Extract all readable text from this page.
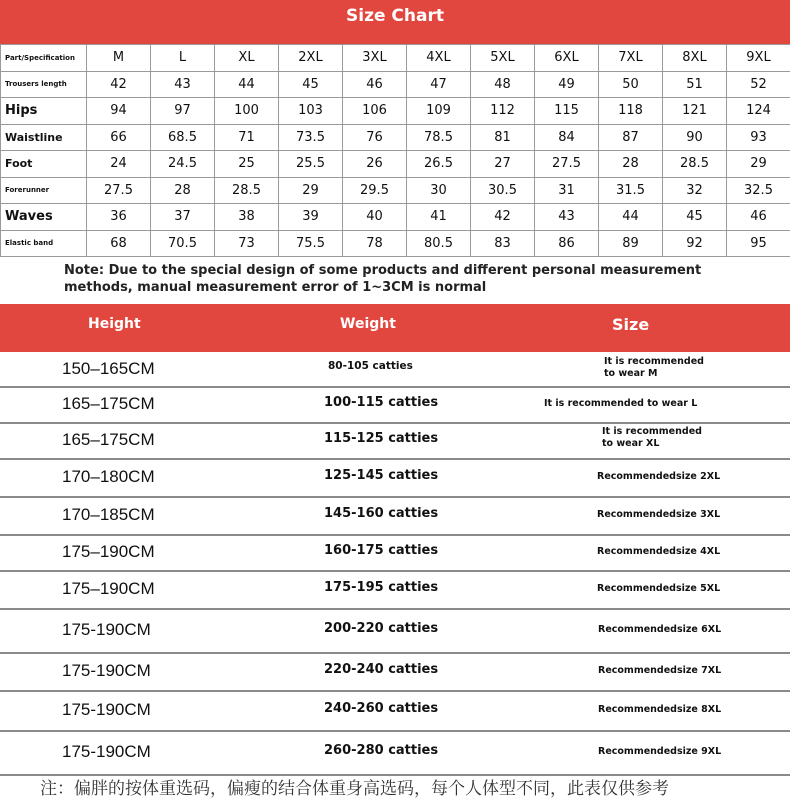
Size Chart
Part/Specification	M	L	XL	2XL	3XL	4XL	5XL	6XL	7XL	8XL	9XL
Trousers length	42	43	44	45	46	47	48	49	50	51	52
Hips	94	97	100	103	106	109	112	115	118	121	124
Waistline	66	68.5	71	73.5	76	78.5	81	84	87	90	93
Foot	24	24.5	25	25.5	26	26.5	27	27.5	28	28.5	29
Forerunner	27.5	28	28.5	29	29.5	30	30.5	31	31.5	32	32.5
Waves	36	37	38	39	40	41	42	43	44	45	46
Elastic band	68	70.5	73	75.5	78	80.5	83	86	89	92	95
Note: Due to the special design of some products and different personal measurement methods, manual measurement error of 1~3CM is normal
Height	Weight	Size
150–165CM	80-105 catties	It is recommended to wear M
165–175CM	100-115 catties	It is recommended to wear L
165–175CM	115-125 catties	It is recommended to wear XL
170–180CM	125-145 catties	Recommendedsize 2XL
170–185CM	145-160 catties	Recommendedsize 3XL
175–190CM	160-175 catties	Recommendedsize 4XL
175–190CM	175-195 catties	Recommendedsize 5XL
175-190CM	200-220 catties	Recommendedsize 6XL
175-190CM	220-240 catties	Recommendedsize 7XL
175-190CM	240-260 catties	Recommendedsize 8XL
175-190CM	260-280 catties	Recommendedsize 9XL
注：偏胖的按体重选码，偏瘦的结合体重身高选码，每个人体型不同，此表仅供参考
